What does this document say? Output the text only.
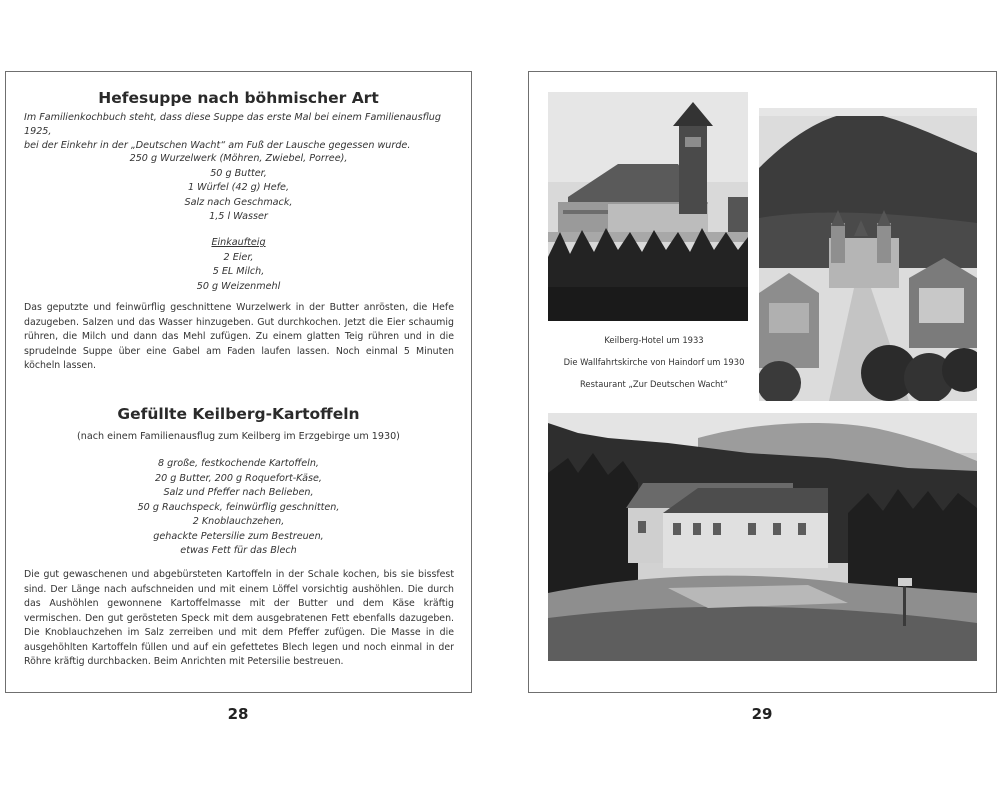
Hefesuppe nach böhmischer Art
Im Familienkochbuch steht, dass diese Suppe das erste Mal bei einem Familienausflug 1925,
bei der Einkehr in der „Deutschen Wacht“ am Fuß der Lausche gegessen wurde.
250 g Wurzelwerk (Möhren, Zwiebel, Porree),
50 g Butter,
1 Würfel (42 g) Hefe,
Salz nach Geschmack,
1,5 l Wasser
Einkaufteig
2 Eier,
5 EL Milch,
50 g Weizenmehl
Das geputzte und feinwürflig geschnittene Wurzelwerk in der Butter anrösten, die Hefe dazugeben. Salzen und das Wasser hinzugeben. Gut durchkochen. Jetzt die Eier schaumig rühren, die Milch und dann das Mehl zufügen. Zu einem glatten Teig rühren und in die sprudelnde Suppe über eine Gabel am Faden laufen lassen. Noch einmal 5 Minuten köcheln lassen.
Gefüllte Keilberg-Kartoffeln
(nach einem Familienausflug zum Keilberg im Erzgebirge um 1930)
8 große, festkochende Kartoffeln,
20 g Butter, 200 g Roquefort-Käse,
Salz und Pfeffer nach Belieben,
50 g Rauchspeck, feinwürflig geschnitten,
2 Knoblauchzehen,
gehackte Petersilie zum Bestreuen,
etwas Fett für das Blech
Die gut gewaschenen und abgebürsteten Kartoffeln in der Schale kochen, bis sie bissfest sind. Der Länge nach aufschneiden und mit einem Löffel vorsichtig aushöhlen. Die durch das Aushöhlen gewonnene Kartoffelmasse mit der Butter und dem Käse kräftig vermischen. Den gut gerösteten Speck mit dem ausgebratenen Fett ebenfalls dazugeben. Die Knoblauchzehen im Salz zerreiben und mit dem Pfeffer zufügen. Die Masse in die ausgehöhlten Kartoffeln füllen und auf ein gefettetes Blech legen und noch einmal in der Röhre kräftig durchbacken. Beim Anrichten mit Petersilie bestreuen.
28
Keilberg-Hotel um 1933
Die Wallfahrtskirche von Haindorf um 1930
Restaurant „Zur Deutschen Wacht“
29
